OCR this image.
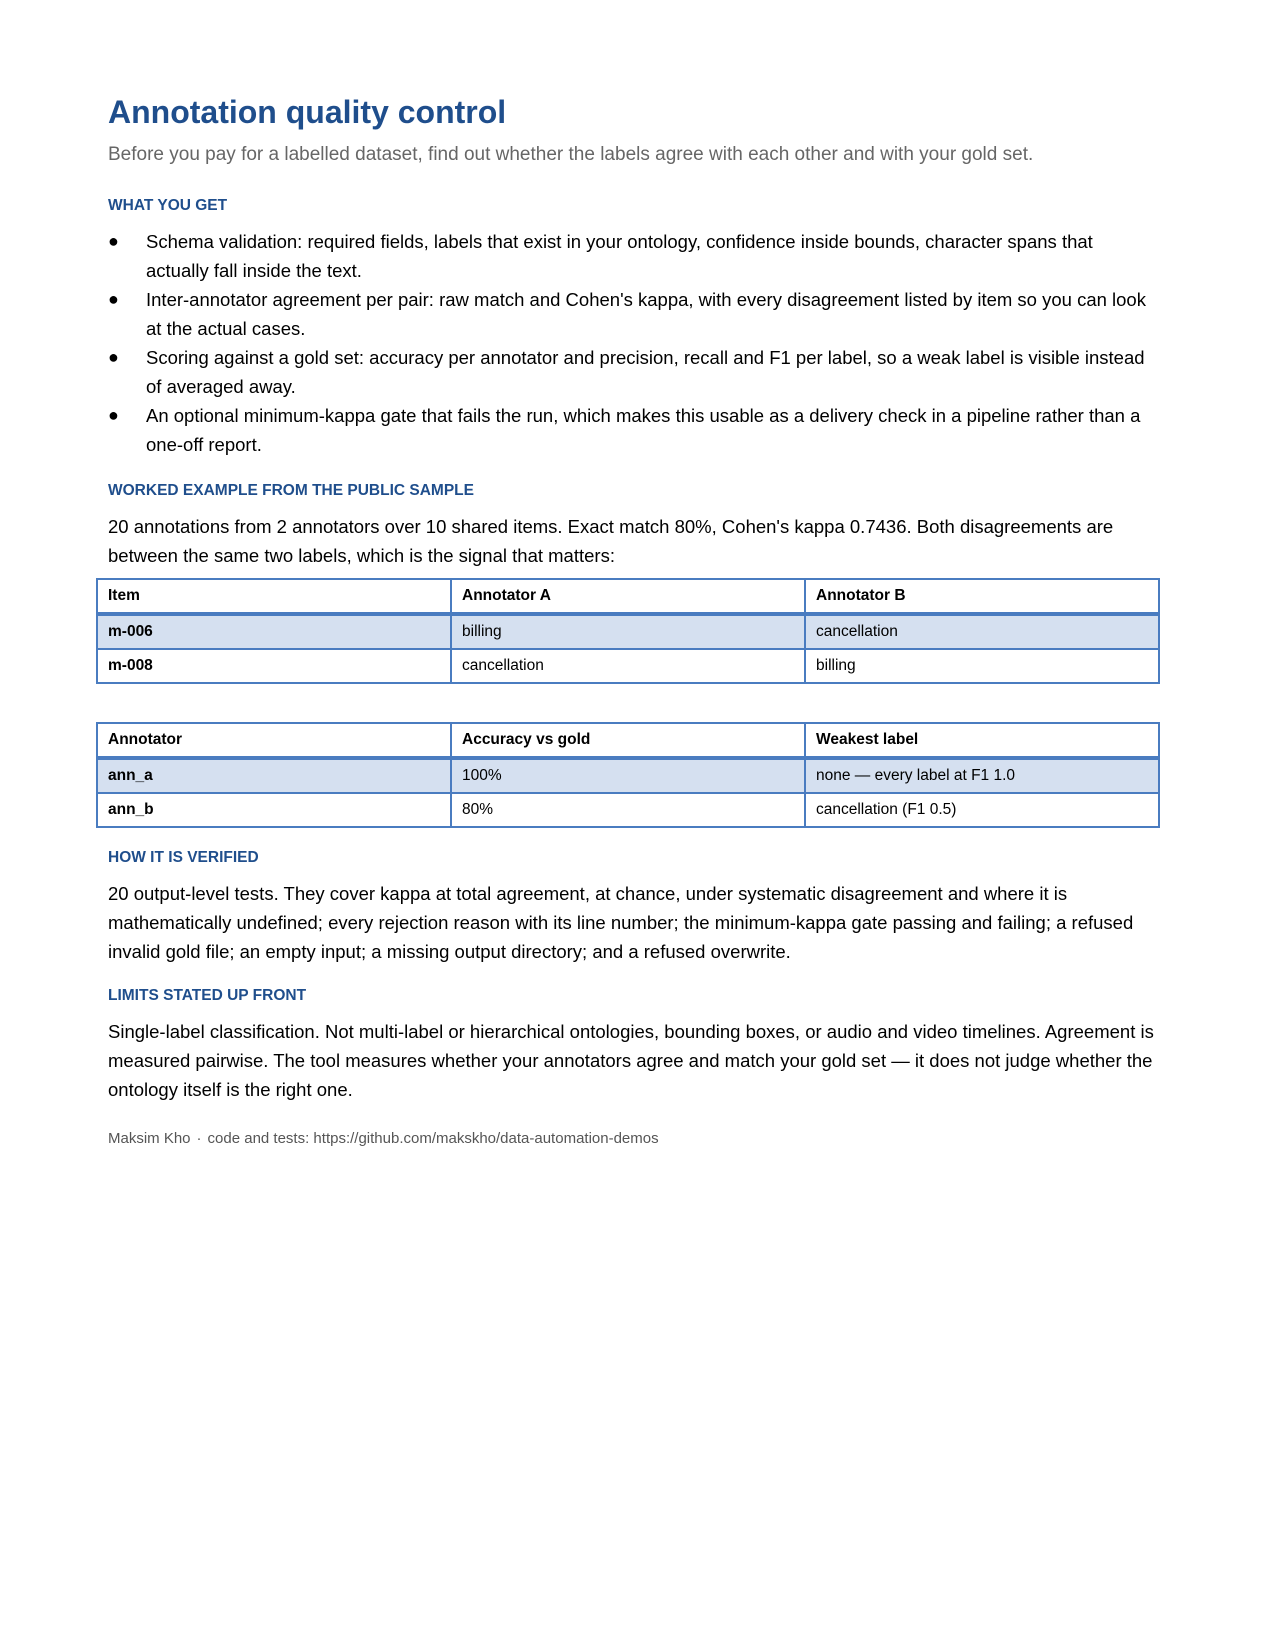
Annotation quality control

Before you pay for a labelled dataset, find out whether the labels agree with each other and with your gold set.

WHAT YOU GET
● Schema validation: required fields, labels that exist in your ontology, confidence inside bounds, character spans that actually fall inside the text.
● Inter-annotator agreement per pair: raw match and Cohen's kappa, with every disagreement listed by item so you can look at the actual cases.
● Scoring against a gold set: accuracy per annotator and precision, recall and F1 per label, so a weak label is visible instead of averaged away.
● An optional minimum-kappa gate that fails the run, which makes this usable as a delivery check in a pipeline rather than a one-off report.
WORKED EXAMPLE FROM THE PUBLIC SAMPLE

20 annotations from 2 annotators over 10 shared items. Exact match 80%, Cohen's kappa 0.7436. Both disagreements are between the same two labels, which is the signal that matters:

Item	Annotator A	Annotator B
m-006	billing	cancellation
m-008	cancellation	billing
Annotator	Accuracy vs gold	Weakest label
ann_a	100%	none — every label at F1 1.0
ann_b	80%	cancellation (F1 0.5)
HOW IT IS VERIFIED

20 output-level tests. They cover kappa at total agreement, at chance, under systematic disagreement and where it is mathematically undefined; every rejection reason with its line number; the minimum-kappa gate passing and failing; a refused invalid gold file; an empty input; a missing output directory; and a refused overwrite.

LIMITS STATED UP FRONT

Single-label classification. Not multi-label or hierarchical ontologies, bounding boxes, or audio and video timelines. Agreement is measured pairwise. The tool measures whether your annotators agree and match your gold set — it does not judge whether the ontology itself is the right one.

Maksim Kho · code and tests: https://github.com/makskho/data-automation-demos
